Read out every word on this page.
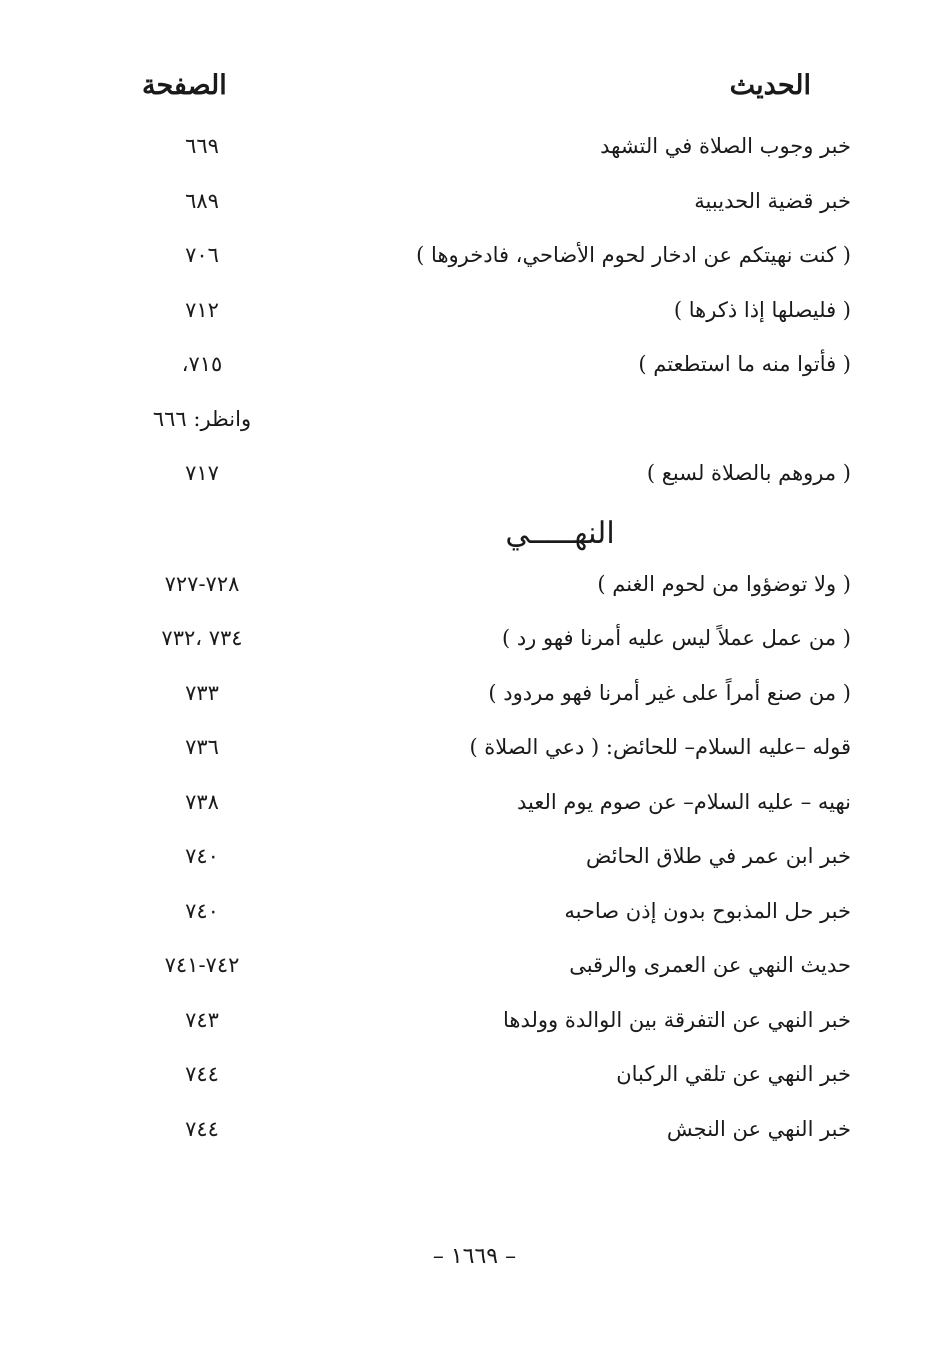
الحديث
الصفحة
خبر وجوب الصلاة في التشهد
٦٦٩
خبر قضية الحديبية
٦٨٩
( كنت نهيتكم عن ادخار لحوم الأضاحي، فادخروها )
٧٠٦
( فليصلها إذا ذكرها )
٧١٢
( فأتوا منه ما استطعتم )
٧١٥،
وانظر: ٦٦٦
( مروهم بالصلاة لسبع )
٧١٧
النهـــــي
( ولا توضؤوا من لحوم الغنم )
٧٢٨-٧٢٧
( من عمل عملاً ليس عليه أمرنا فهو رد )
٧٣٤ ،٧٣٢
( من صنع أمراً على غير أمرنا فهو مردود )
٧٣٣
قوله –عليه السلام– للحائض: ( دعي الصلاة )
٧٣٦
نهيه – عليه السلام– عن صوم يوم العيد
٧٣٨
خبر ابن عمر في طلاق الحائض
٧٤٠
خبر حل المذبوح بدون إذن صاحبه
٧٤٠
حديث النهي عن العمرى والرقبى
٧٤٢-٧٤١
خبر النهي عن التفرقة بين الوالدة وولدها
٧٤٣
خبر النهي عن تلقي الركبان
٧٤٤
خبر النهي عن النجش
٧٤٤
– ١٦٦٩ –
